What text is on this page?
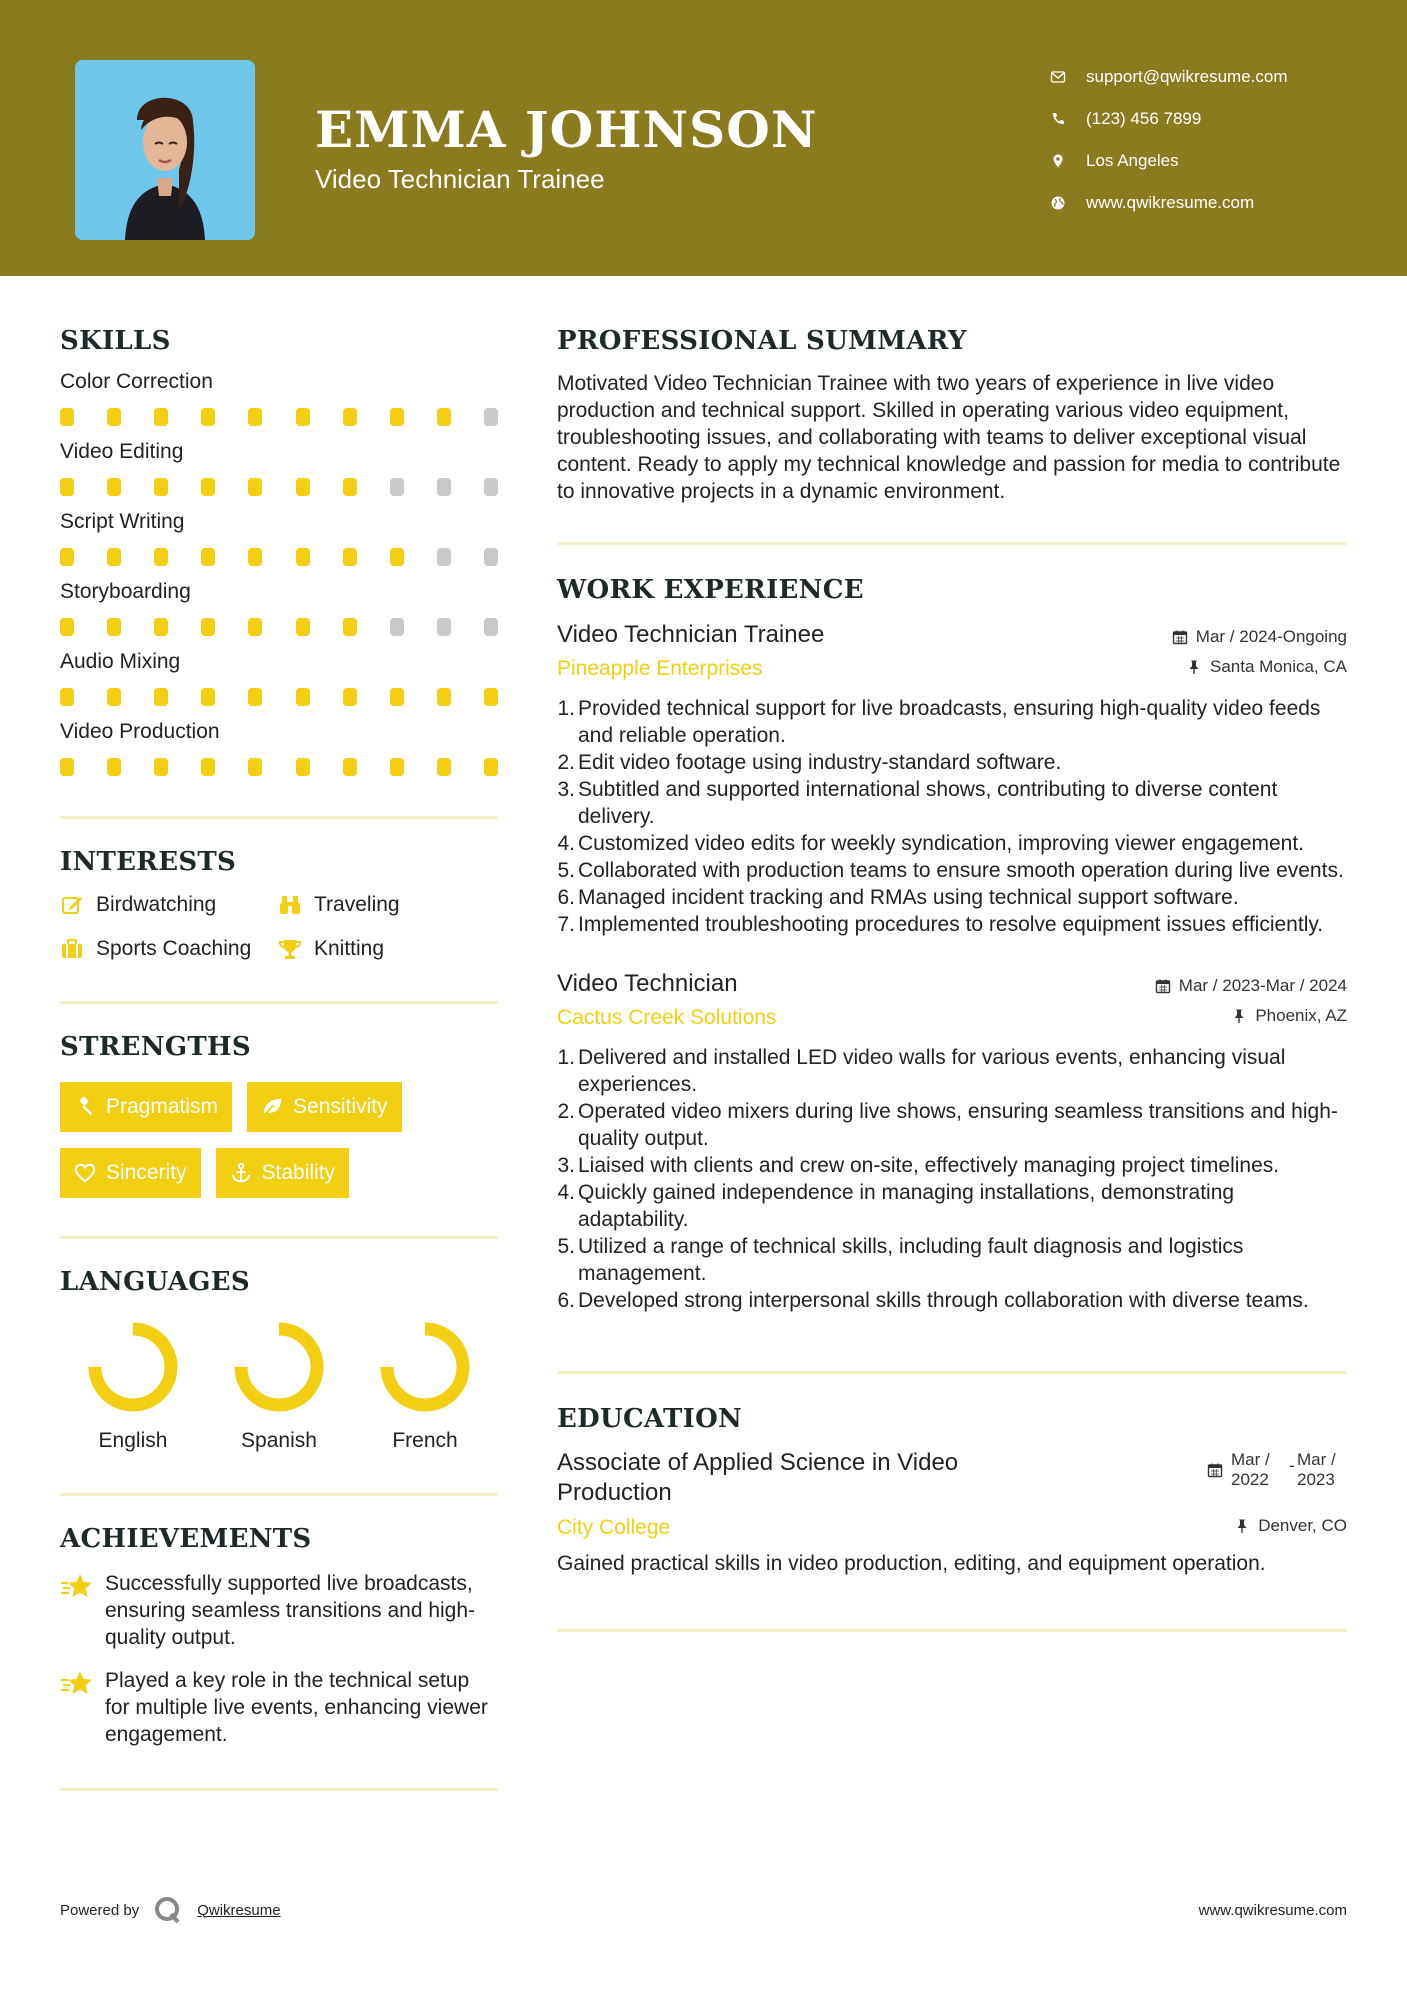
EMMA JOHNSON
Video Technician Trainee
support@qwikresume.com
(123) 456 7899
Los Angeles
www.qwikresume.com
SKILLS
Color Correction
Video Editing
Script Writing
Storyboarding
Audio Mixing
Video Production
INTERESTS
Birdwatching	Traveling
Sports Coaching	Knitting
STRENGTHS
Pragmatism	Sensitivity
Sincerity	Stability
LANGUAGES
English	Spanish	French
ACHIEVEMENTS
Successfully supported live broadcasts, ensuring seamless transitions and high-quality output.
Played a key role in the technical setup for multiple live events, enhancing viewer engagement.
PROFESSIONAL SUMMARY

Motivated Video Technician Trainee with two years of experience in live video production and technical support. Skilled in operating various video equipment, troubleshooting issues, and collaborating with teams to deliver exceptional visual content. Ready to apply my technical knowledge and passion for media to contribute to innovative projects in a dynamic environment.

WORK EXPERIENCE
Video Technician Trainee	Mar / 2024-Ongoing
Pineapple Enterprises	Santa Monica, CA
1. Provided technical support for live broadcasts, ensuring high-quality video feeds and reliable operation.
2. Edit video footage using industry-standard software.
3. Subtitled and supported international shows, contributing to diverse content delivery.
4. Customized video edits for weekly syndication, improving viewer engagement.
5. Collaborated with production teams to ensure smooth operation during live events.
6. Managed incident tracking and RMAs using technical support software.
7. Implemented troubleshooting procedures to resolve equipment issues efficiently.
Video Technician	Mar / 2023-Mar / 2024
Cactus Creek Solutions	Phoenix, AZ
1. Delivered and installed LED video walls for various events, enhancing visual experiences.
2. Operated video mixers during live shows, ensuring seamless transitions and high-quality output.
3. Liaised with clients and crew on-site, effectively managing project timelines.
4. Quickly gained independence in managing installations, demonstrating adaptability.
5. Utilized a range of technical skills, including fault diagnosis and logistics management.
6. Developed strong interpersonal skills through collaboration with diverse teams.
EDUCATION
Associate of Applied Science in Video Production
Mar / 2022
- Mar / 2023
City College	Denver, CO

Gained practical skills in video production, editing, and equipment operation.

Powered by	Qwikresume	www.qwikresume.com
